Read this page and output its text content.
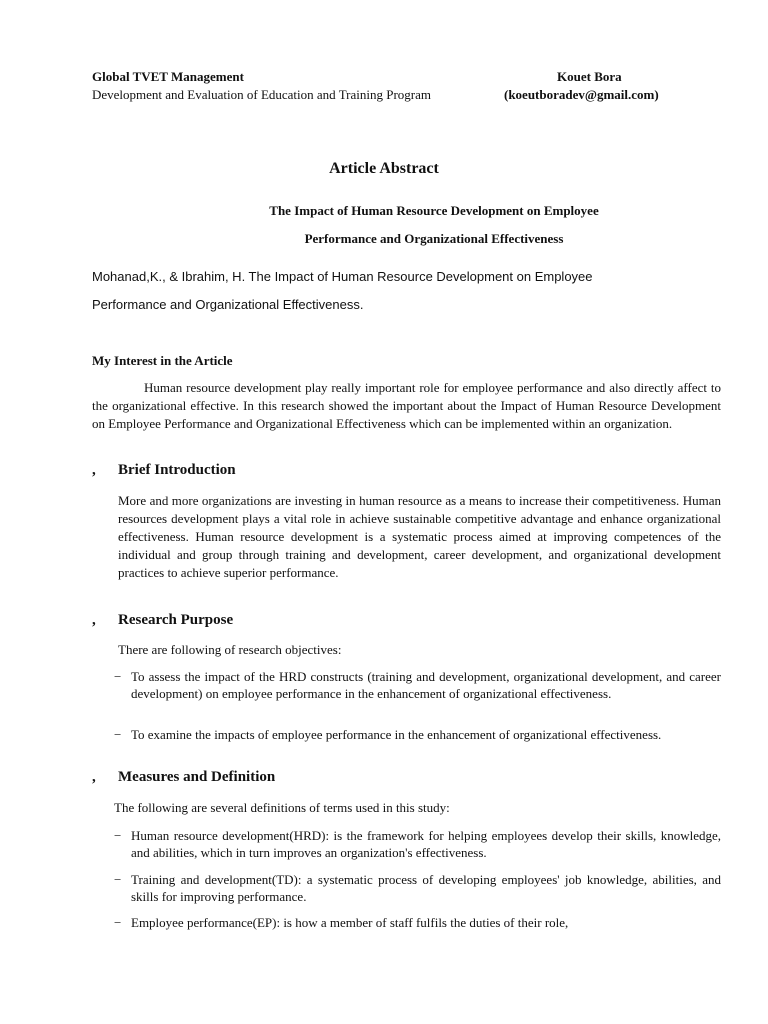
Global TVET Management
Development and Evaluation of Education and Training Program
Kouet Bora
(koeutboradev@gmail.com)
Article Abstract
The Impact of Human Resource Development on Employee
Performance and Organizational Effectiveness
Mohanad,K., & Ibrahim, H. The Impact of Human Resource Development on Employee
Performance and Organizational Effectiveness.
My Interest in the Article
Human resource development play really important role for employee performance and also directly affect to the organizational effective. In this research showed the important about the Impact of Human Resource Development on Employee Performance and Organizational Effectiveness which can be implemented within an organization.
, Brief Introduction
More and more organizations are investing in human resource as a means to increase their competitiveness. Human resources development plays a vital role in achieve sustainable competitive advantage and enhance organizational effectiveness. Human resource development is a systematic process aimed at improving competences of the individual and group through training and development, career development, and organizational development practices to achieve superior performance.
, Research Purpose
There are following of research objectives:
− To assess the impact of the HRD constructs (training and development, organizational development, and career development) on employee performance in the enhancement of organizational effectiveness.
− To examine the impacts of employee performance in the enhancement of organizational effectiveness.
, Measures and Definition
The following are several definitions of terms used in this study:
− Human resource development(HRD): is the framework for helping employees develop their skills, knowledge, and abilities, which in turn improves an organization's effectiveness.
− Training and development(TD): a systematic process of developing employees' job knowledge, abilities, and skills for improving performance.
− Employee performance(EP): is how a member of staff fulfils the duties of their role,
